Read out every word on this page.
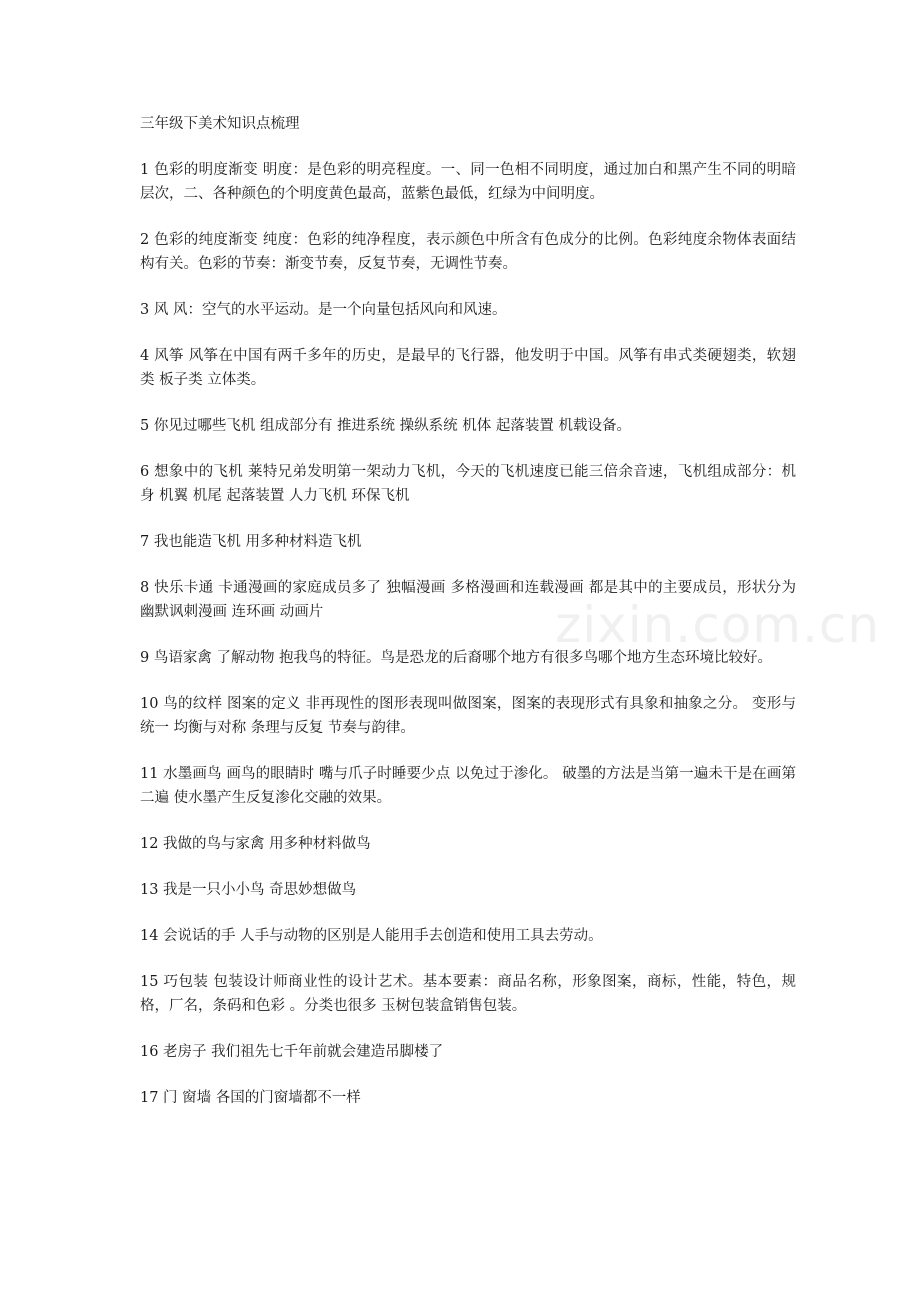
三年级下美术知识点梳理

1 色彩的明度渐变 明度：是色彩的明亮程度。一、同一色相不同明度，通过加白和黑产生不同的明暗层次，二、各种颜色的个明度黄色最高，蓝紫色最低，红绿为中间明度。

2 色彩的纯度渐变 纯度：色彩的纯净程度，表示颜色中所含有色成分的比例。色彩纯度余物体表面结构有关。色彩的节奏：渐变节奏，反复节奏，无调性节奏。

3 风 风：空气的水平运动。是一个向量包括风向和风速。

4 风筝 风筝在中国有两千多年的历史，是最早的飞行器，他发明于中国。风筝有串式类硬翅类，软翅类 板子类 立体类。

5 你见过哪些飞机 组成部分有 推进系统 操纵系统 机体 起落装置 机载设备。

6 想象中的飞机 莱特兄弟发明第一架动力飞机，今天的飞机速度已能三倍余音速，飞机组成部分：机身 机翼 机尾 起落装置 人力飞机 环保飞机

7 我也能造飞机 用多种材料造飞机

8 快乐卡通 卡通漫画的家庭成员多了 独幅漫画 多格漫画和连载漫画 都是其中的主要成员，形状分为 幽默讽刺漫画 连环画 动画片

9 鸟语家禽 了解动物 抱我鸟的特征。鸟是恐龙的后裔哪个地方有很多鸟哪个地方生态环境比较好。

10 鸟的纹样 图案的定义 非再现性的图形表现叫做图案，图案的表现形式有具象和抽象之分。 变形与统一 均衡与对称 条理与反复 节奏与韵律。

11 水墨画鸟 画鸟的眼睛时 嘴与爪子时睡要少点 以免过于渗化。 破墨的方法是当第一遍未干是在画第二遍 使水墨产生反复渗化交融的效果。

12 我做的鸟与家禽 用多种材料做鸟

13 我是一只小小鸟 奇思妙想做鸟

14 会说话的手 人手与动物的区别是人能用手去创造和使用工具去劳动。

15 巧包装 包装设计师商业性的设计艺术。基本要素：商品名称，形象图案，商标，性能，特色，规格，厂名，条码和色彩 。分类也很多 玉树包装盒销售包装。

16 老房子 我们祖先七千年前就会建造吊脚楼了

17 门 窗墙 各国的门窗墙都不一样

zixin.com.cn
